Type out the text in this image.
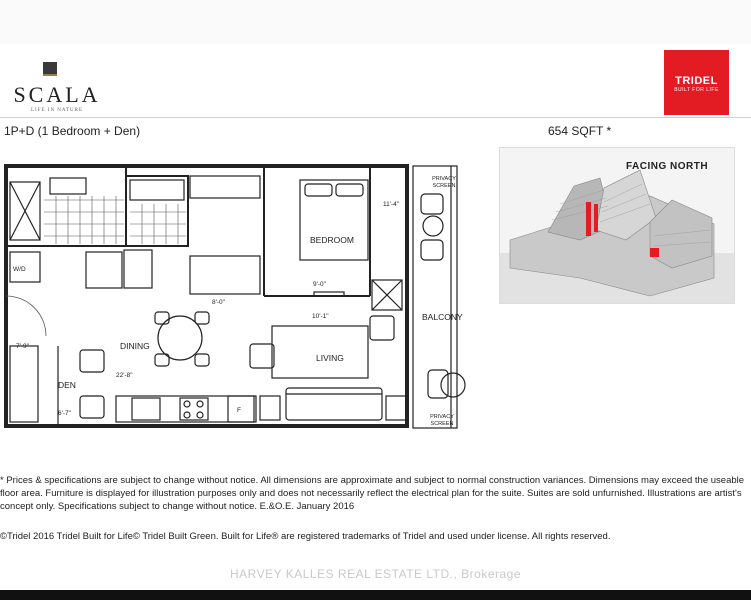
SCALA
LIFE IN NATURE
TRIDEL
BUILT FOR LIFE
1P+D (1 Bedroom + Den)	654 SQFT *
BEDROOM
LIVING
DINING
DEN
BALCONY
W/D
F
PRIVACY
SCREEN
PRIVACY
SCREEN
11'-4"
9'-0"
8'-0"
10'-1"
7'-9"
22'-8"
6'-7"
FACING NORTH
* Prices & specifications are subject to change without notice. All dimensions are approximate and subject to normal construction variances. Dimensions may exceed the useable floor area. Furniture is displayed for illustration purposes only and does not necessarily reflect the electrical plan for the suite. Suites are sold unfurnished. Illustrations are artist's concept only. Specifications subject to change without notice. E.&O.E. January 2016
©Tridel 2016 Tridel Built for Life© Tridel Built Green. Built for Life® are registered trademarks of Tridel and used under license. All rights reserved.
HARVEY KALLES REAL ESTATE LTD., Brokerage
